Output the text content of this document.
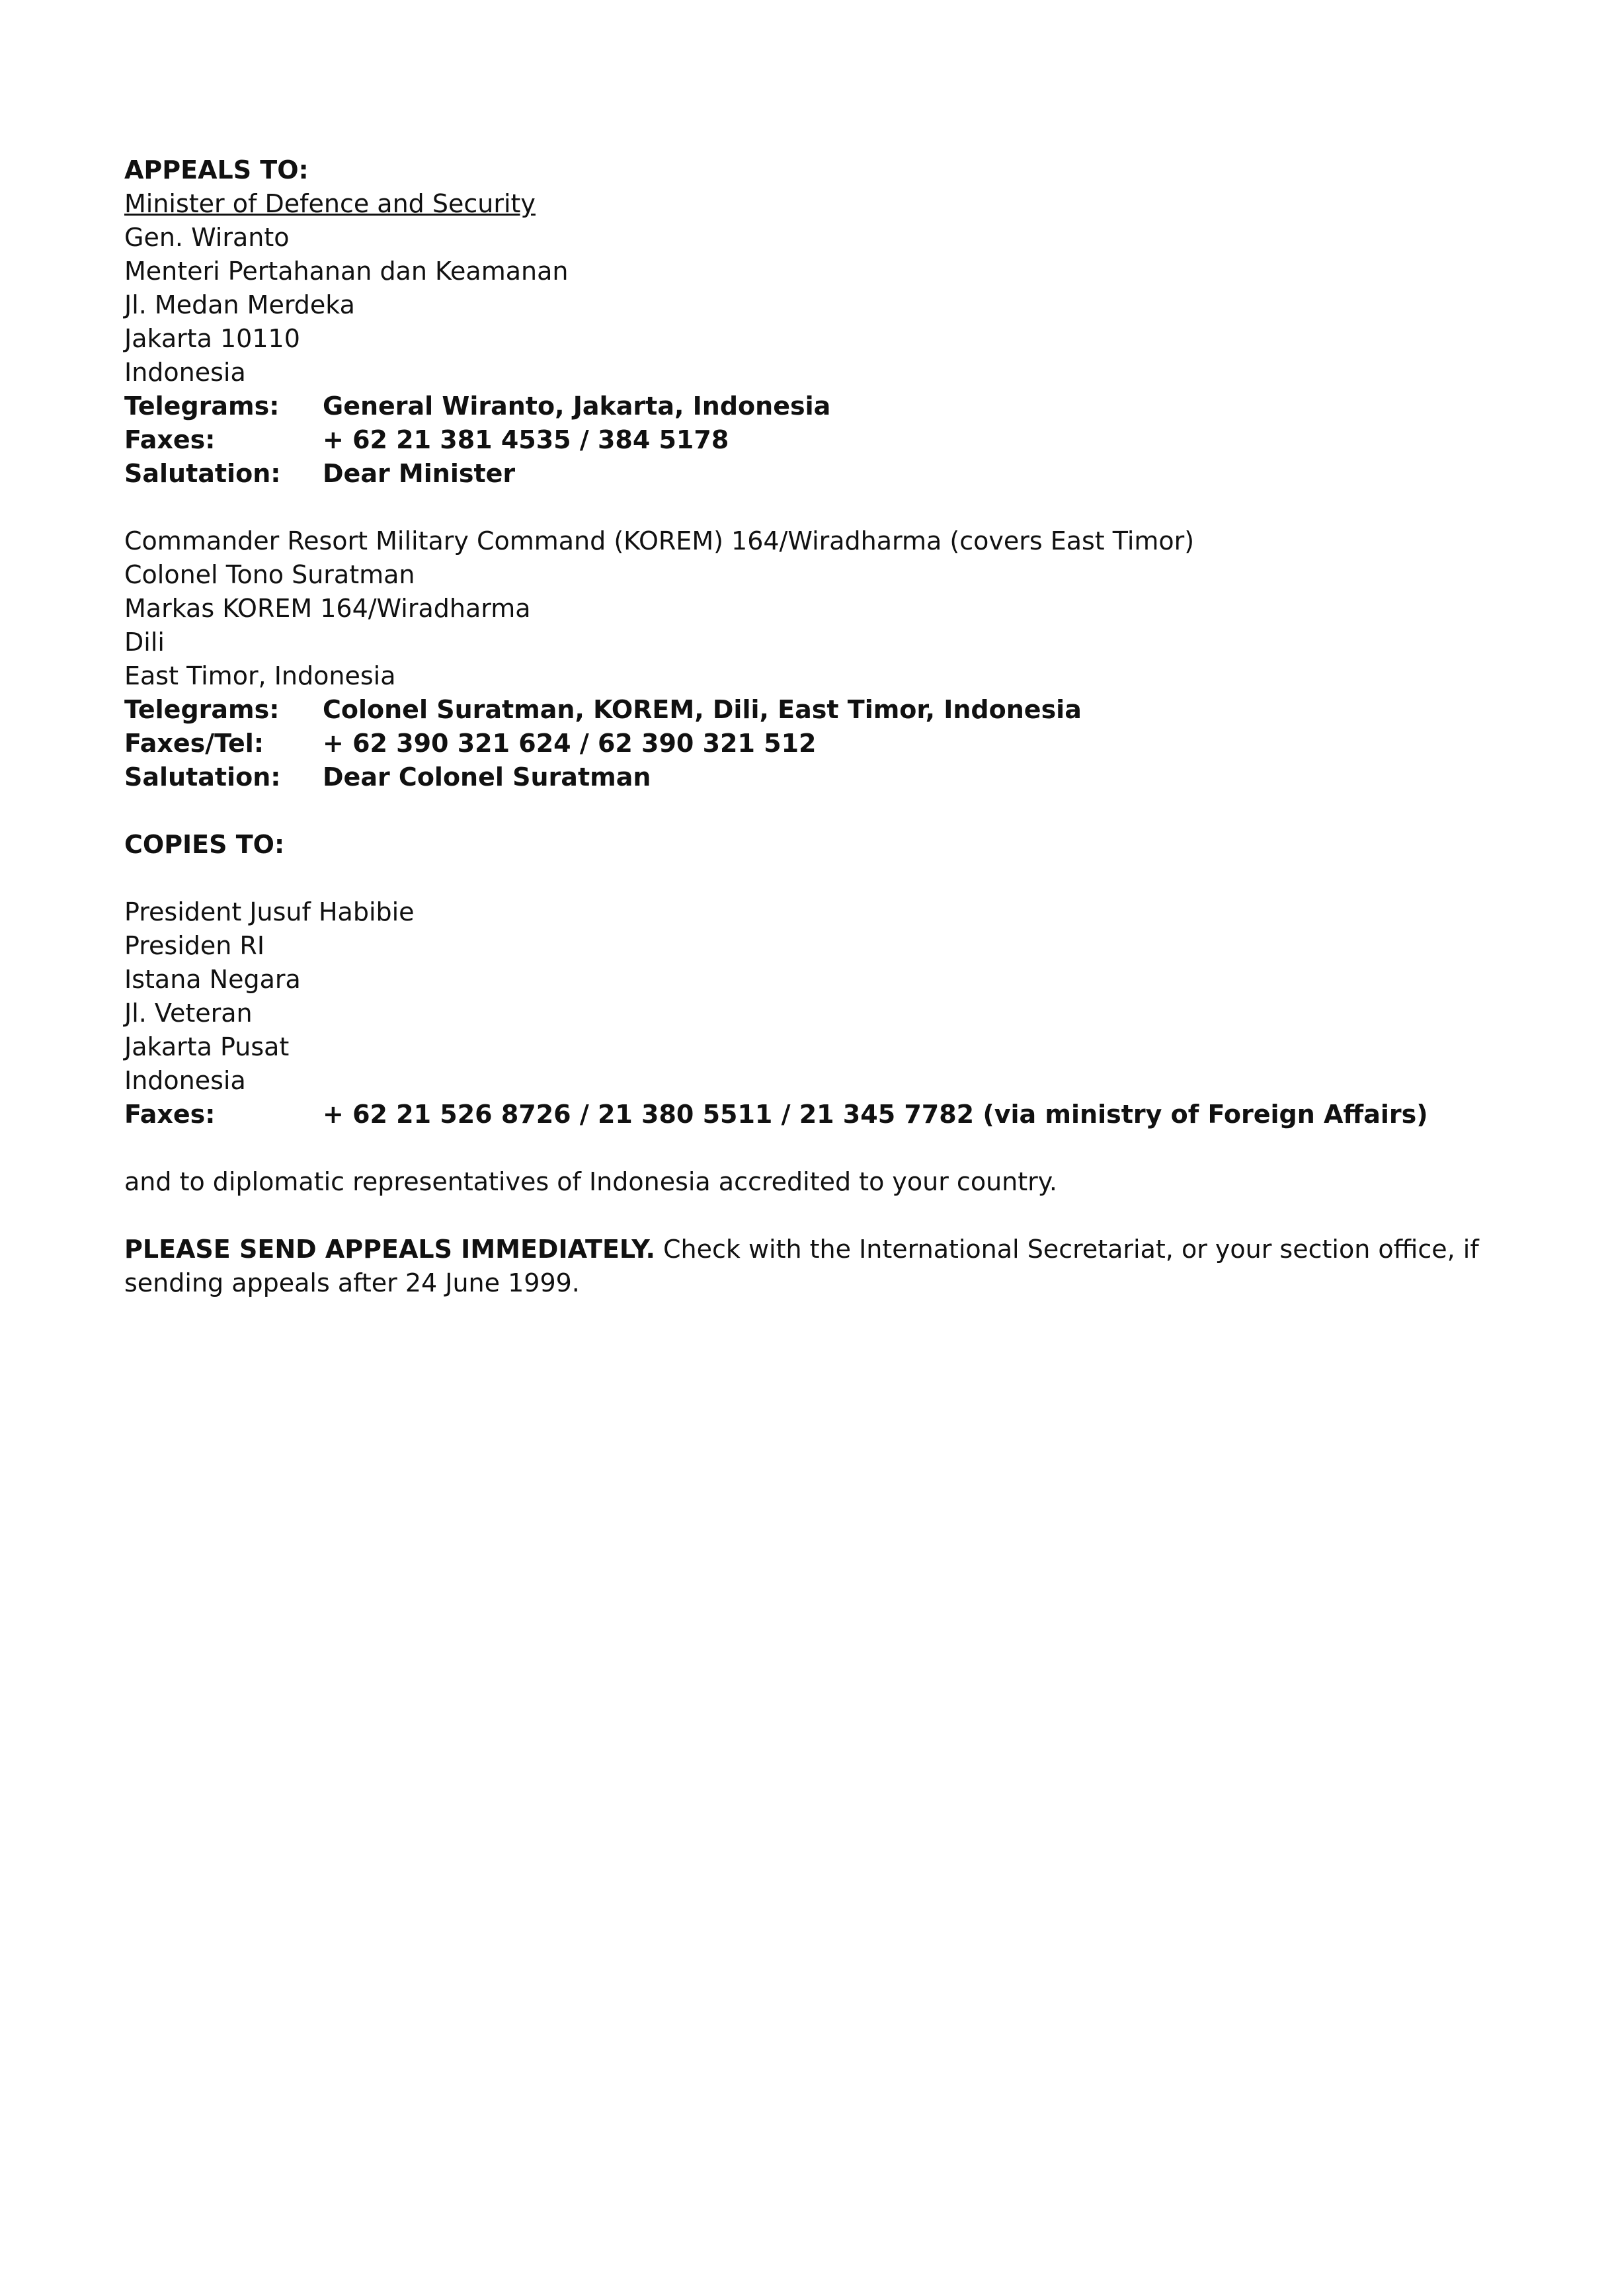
APPEALS TO:
Minister of Defence and Security
Gen. Wiranto
Menteri Pertahanan dan Keamanan
Jl. Medan Merdeka
Jakarta 10110
Indonesia
Telegrams:	General Wiranto, Jakarta, Indonesia
Faxes:	+ 62 21 381 4535 / 384 5178
Salutation:	Dear Minister
Commander Resort Military Command (KOREM) 164/Wiradharma (covers East Timor)
Colonel Tono Suratman
Markas KOREM 164/Wiradharma
Dili
East Timor, Indonesia
Telegrams:	Colonel Suratman, KOREM, Dili, East Timor, Indonesia
Faxes/Tel:	+ 62 390 321 624 / 62 390 321 512
Salutation:	Dear Colonel Suratman
COPIES TO:
President Jusuf Habibie
Presiden RI
Istana Negara
Jl. Veteran
Jakarta Pusat
Indonesia
Faxes:	+ 62 21 526 8726 / 21 380 5511 / 21 345 7782 (via ministry of Foreign Affairs)
and to diplomatic representatives of Indonesia accredited to your country.
PLEASE SEND APPEALS IMMEDIATELY. Check with the International Secretariat, or your section office, if sending appeals after 24 June 1999.
